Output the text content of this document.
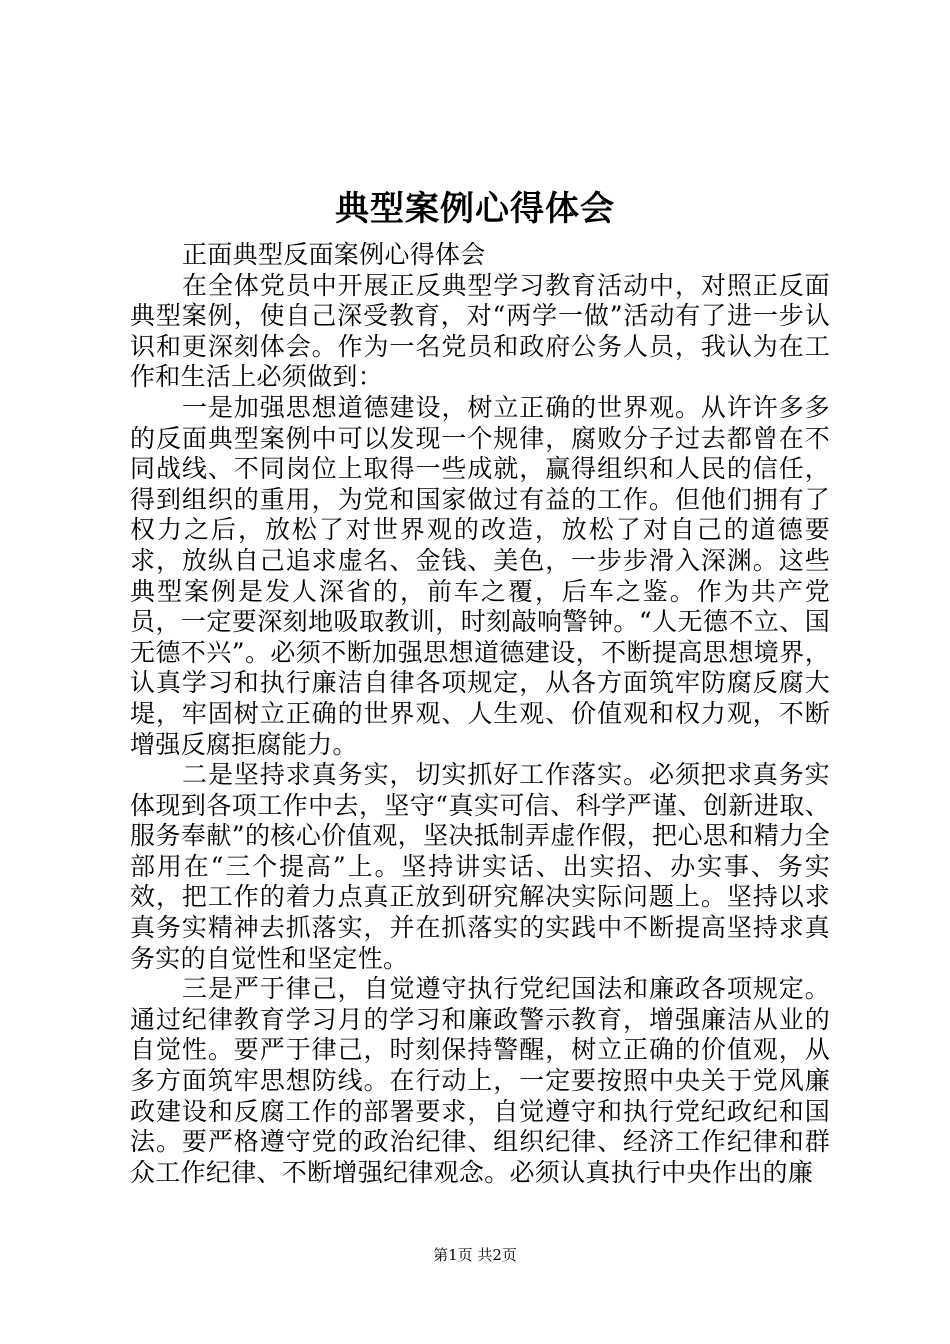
典型案例心得体会

正面典型反面案例心得体会

在全体党员中开展正反典型学习教育活动中，对照正反面典型案例，使自己深受教育，对“两学一做”活动有了进一步认识和更深刻体会。作为一名党员和政府公务人员，我认为在工作和生活上必须做到：

一是加强思想道德建设，树立正确的世界观。从许许多多的反面典型案例中可以发现一个规律，腐败分子过去都曾在不同战线、不同岗位上取得一些成就，赢得组织和人民的信任，得到组织的重用，为党和国家做过有益的工作。但他们拥有了权力之后，放松了对世界观的改造，放松了对自己的道德要求，放纵自己追求虚名、金钱、美色，一步步滑入深渊。这些典型案例是发人深省的，前车之覆，后车之鉴。作为共产党员，一定要深刻地吸取教训，时刻敲响警钟。“人无德不立、国无德不兴”。必须不断加强思想道德建设，不断提高思想境界，认真学习和执行廉洁自律各项规定，从各方面筑牢防腐反腐大堤，牢固树立正确的世界观、人生观、价值观和权力观，不断增强反腐拒腐能力。

二是坚持求真务实，切实抓好工作落实。必须把求真务实体现到各项工作中去，坚守“真实可信、科学严谨、创新进取、服务奉献”的核心价值观，坚决抵制弄虚作假，把心思和精力全部用在“三个提高”上。坚持讲实话、出实招、办实事、务实效，把工作的着力点真正放到研究解决实际问题上。坚持以求真务实精神去抓落实，并在抓落实的实践中不断提高坚持求真务实的自觉性和坚定性。

三是严于律己，自觉遵守执行党纪国法和廉政各项规定。通过纪律教育学习月的学习和廉政警示教育，增强廉洁从业的自觉性。要严于律己，时刻保持警醒，树立正确的价值观，从多方面筑牢思想防线。在行动上，一定要按照中央关于党风廉政建设和反腐工作的部署要求，自觉遵守和执行党纪政纪和国法。要严格遵守党的政治纪律、组织纪律、经济工作纪律和群众工作纪律、不断增强纪律观念。必须认真执行中央作出的廉

第1页 共2页
